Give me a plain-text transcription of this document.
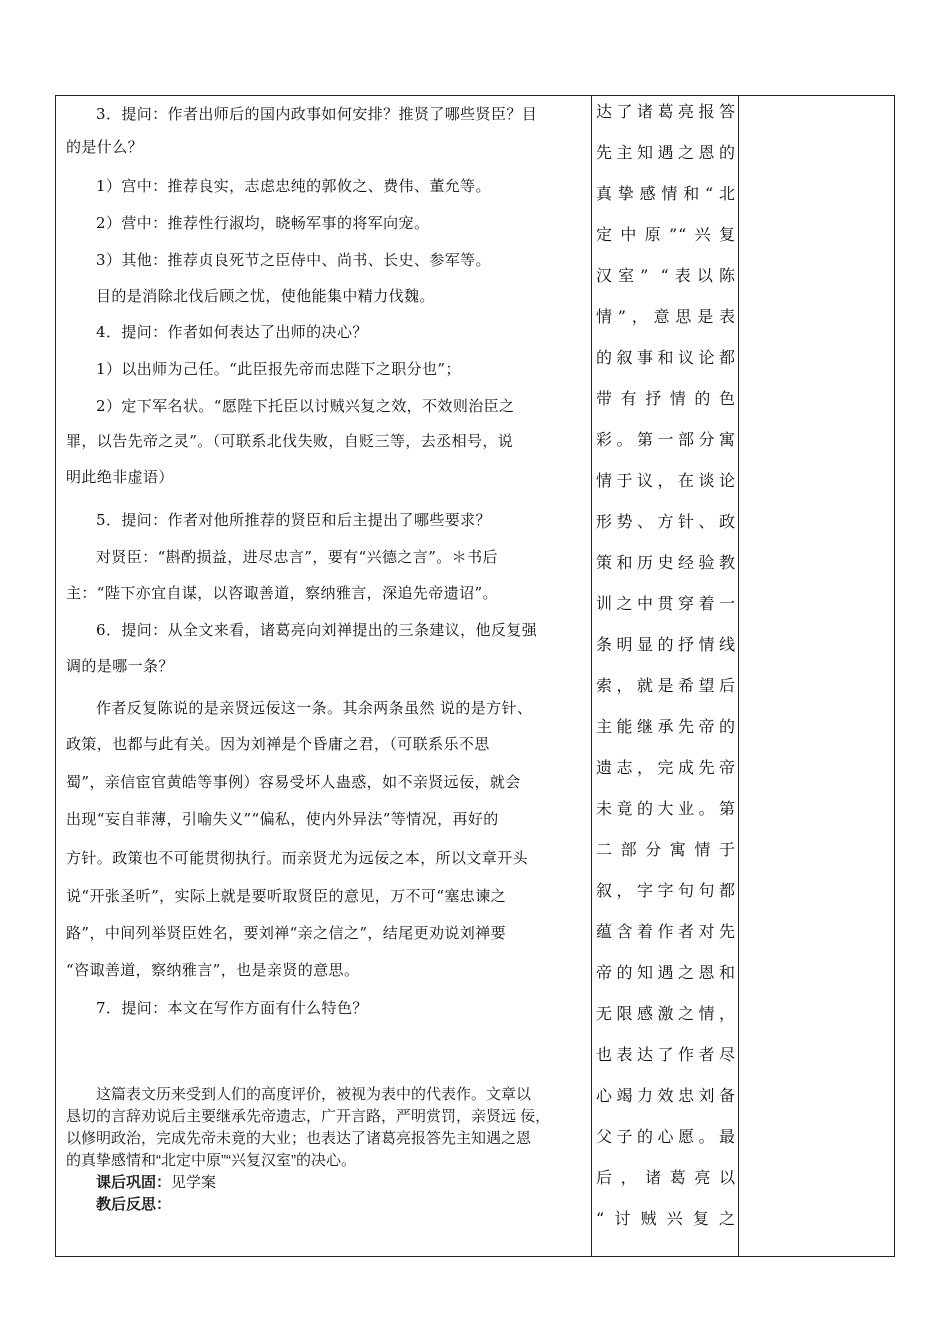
3．提问：作者出师后的国内政事如何安排？推贤了哪些贤臣？目
的是什么？
1）宫中：推荐良实，志虑忠纯的郭攸之、费伟、董允等。
2）营中：推荐性行淑均，晓畅军事的将军向宠。
3）其他：推荐贞良死节之臣侍中、尚书、长史、参军等。
目的是消除北伐后顾之忧，使他能集中精力伐魏。
4．提问：作者如何表达了出师的决心？
1）以出师为己任。“此臣报先帝而忠陛下之职分也”；
2）定下军名状。“愿陛下托臣以讨贼兴复之效，不效则治臣之
罪，以告先帝之灵”。（可联系北伐失败，自贬三等，去丞相号，说
明此绝非虚语）
5．提问：作者对他所推荐的贤臣和后主提出了哪些要求？
对贤臣：“斟酌损益，进尽忠言”，要有“兴德之言”。＊书后
主：“陛下亦宜自谋，以咨诹善道，察纳雅言，深追先帝遗诏”。
6．提问：从全文来看，诸葛亮向刘禅提出的三条建议，他反复强
调的是哪一条？
作者反复陈说的是亲贤远佞这一条。其余两条虽然 说的是方针、
政策，也都与此有关。因为刘禅是个昏庸之君，（可联系乐不思
蜀”，亲信宦官黄皓等事例）容易受坏人蛊惑，如不亲贤远佞，就会
出现“妄自菲薄，引喻失义”“偏私，使内外异法”等情况，再好的
方针。政策也不可能贯彻执行。而亲贤尤为远佞之本，所以文章开头
说“开张圣听”，实际上就是要听取贤臣的意见，万不可“塞忠谏之
路”，中间列举贤臣姓名，要刘禅“亲之信之”，结尾更劝说刘禅要
“咨诹善道，察纳雅言”，也是亲贤的意思。
7．提问：本文在写作方面有什么特色？
这篇表文历来受到人们的高度评价，被视为表中的代表作。文章以
恳切的言辞劝说后主要继承先帝遗志，广开言路，严明赏罚，亲贤远 佞，
以修明政治，完成先帝未竟的大业；也表达了诸葛亮报答先主知遇之恩
的真挚感情和“北定中原”“兴复汉室”的决心。
课后巩固：见学案
教后反思：
达了诸葛亮报答
先主知遇之恩的
真挚感情和“北
定中原”“兴复
汉室” “表以陈
情”，意思是表
的叙事和议论都
带有抒情的色
彩。第一部分寓
情于议，在谈论
形势、方针、政
策和历史经验教
训之中贯穿着一
条明显的抒情线
索，就是希望后
主能继承先帝的
遗志，完成先帝
未竟的大业。第
二部分寓情于
叙，字字句句都
蕴含着作者对先
帝的知遇之恩和
无限感激之情，
也表达了作者尽
心竭力效忠刘备
父子的心愿。最
后，诸葛亮以
“讨贼兴复之
